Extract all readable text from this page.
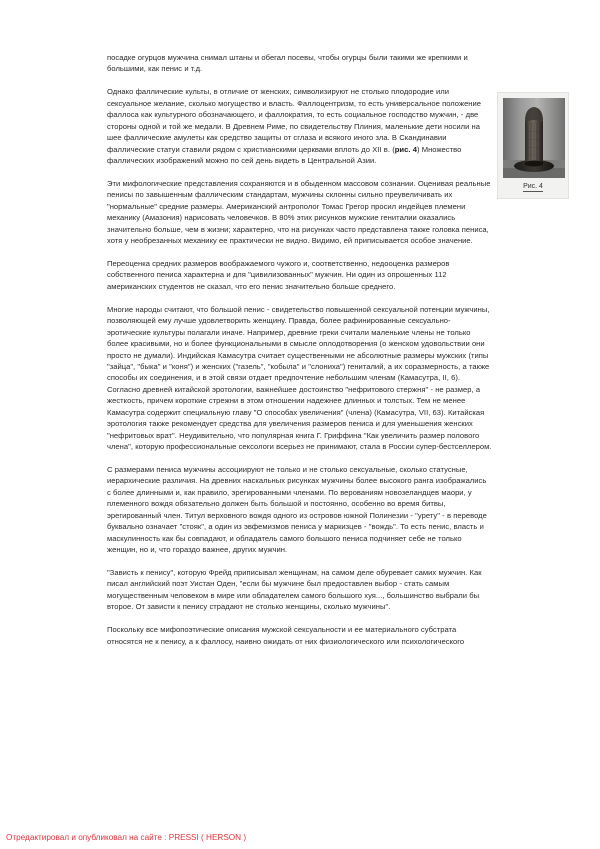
посадке огурцов мужчина снимал штаны и обегал посевы, чтобы огурцы были такими же крепкими и большими, как пенис и т.д.

Однако фаллические культы, в отличие от женских, символизируют не столько плодородие или сексуальное желание, сколько могущество и власть. Фаллоцентризм, то есть универсальное положение фаллоса как культурного обозначающего, и фаллократия, то есть социальное господство мужчин, - две стороны одной и той же медали. В Древнем Риме, по свидетельству Плиния, маленькие дети носили на шее фаллические амулеты как средство защиты от сглаза и всякого иного зла. В Скандинавии фаллические статуи ставили рядом с христианскими церквами вплоть до XII в. (рис. 4) Множество фаллических изображений можно по сей день видеть в Центральной Азии.

Эти мифологические представления сохраняются и в обыденном массовом сознании. Оценивая реальные пенисы по завышенным фаллическим стандартам, мужчины склонны сильно преувеличивать их "нормальные" средние размеры. Американский антрополог Томас Грегор просил индейцев племени механику (Амазония) нарисовать человечков. В 80% этих рисунков мужские гениталии оказались значительно больше, чем в жизни; характерно, что на рисунках часто представлена также головка пениса, хотя у необрезанных механику ее практически не видно. Видимо, ей приписывается особое значение.

Переоценка средних размеров воображаемого чужого и, соответственно, недооценка размеров собственного пениса характерна и для "цивилизованных" мужчин. Ни один из опрошенных 112 американских студентов не сказал, что его пенис значительно больше среднего.

Многие народы считают, что большой пенис - свидетельство повышенной сексуальной потенции мужчины, позволяющей ему лучше удовлетворить женщину. Правда, более рафинированные сексуально-эротические культуры полагали иначе. Например, древние греки считали маленькие члены не только более красивыми, но и более функциональными в смысле оплодотворения (о женском удовольствии они просто не думали). Индийская Камасутра считает существенными не абсолютные размеры мужских (типы "зайца", "быка" и "коня") и женских ("газель", "кобыла" и "слониха") гениталий, а их соразмерность, а также способы их соединения, и в этой связи отдает предпочтение небольшим членам (Камасутра, II, 6). Согласно древней китайской эротологии, важнейшее достоинство "нефритового стержня" - не размер, а жесткость, причем короткие стрежни в этом отношении надежнее длинных и толстых. Тем не менее Камасутра содержит специальную главу "О способах увеличения" (члена) (Камасутра, VII, 63). Китайская эротология также рекомендует средства для увеличения размеров пениса и для уменьшения женских "нефритовых врат". Неудивительно, что популярная книга Г. Гриффина "Как увеличить размер полового члена", которую профессиональные сексологи всерьез не принимают, стала в России супер-бестселлером.

С размерами пениса мужчины ассоциируют не только и не столько сексуальные, сколько статусные, иерархические различия. На древних наскальных рисунках мужчины более высокого ранга изображались с более длинными и, как правило, эрегированными членами. По верованиям новозеландцев маори, у племенного вождя обязательно должен быть большой и постоянно, особенно во время битвы, эрегированный член. Титул верховного вождя одного из островов южной Полинезии - "урету" - в переводе буквально означает "стояк", а один из эвфемизмов пениса у маркизцев - "вождь". То есть пенис, власть и маскулинность как бы совпадают, и обладатель самого большого пениса подчиняет себе не только женщин, но и, что гораздо важнее, других мужчин.

"Зависть к пенису", которую Фрейд приписывал женщинам, на самом деле обуревает самих мужчин. Как писал английский поэт Уистан Оден, "если бы мужчине был предоставлен выбор - стать самым могущественным человеком в мире или обладателем самого большого хуя..., большинство выбрали бы второе. От зависти к пенису страдают не столько женщины, сколько мужчины".

Поскольку все мифопоэтические описания мужской сексуальности и ее материального субстрата относятся не к пенису, а к фаллосу, наивно ожидать от них физиологического или психологического

Рис. 4
Отредактировал и опубликовал на сайте : PRESSI ( HERSON )
